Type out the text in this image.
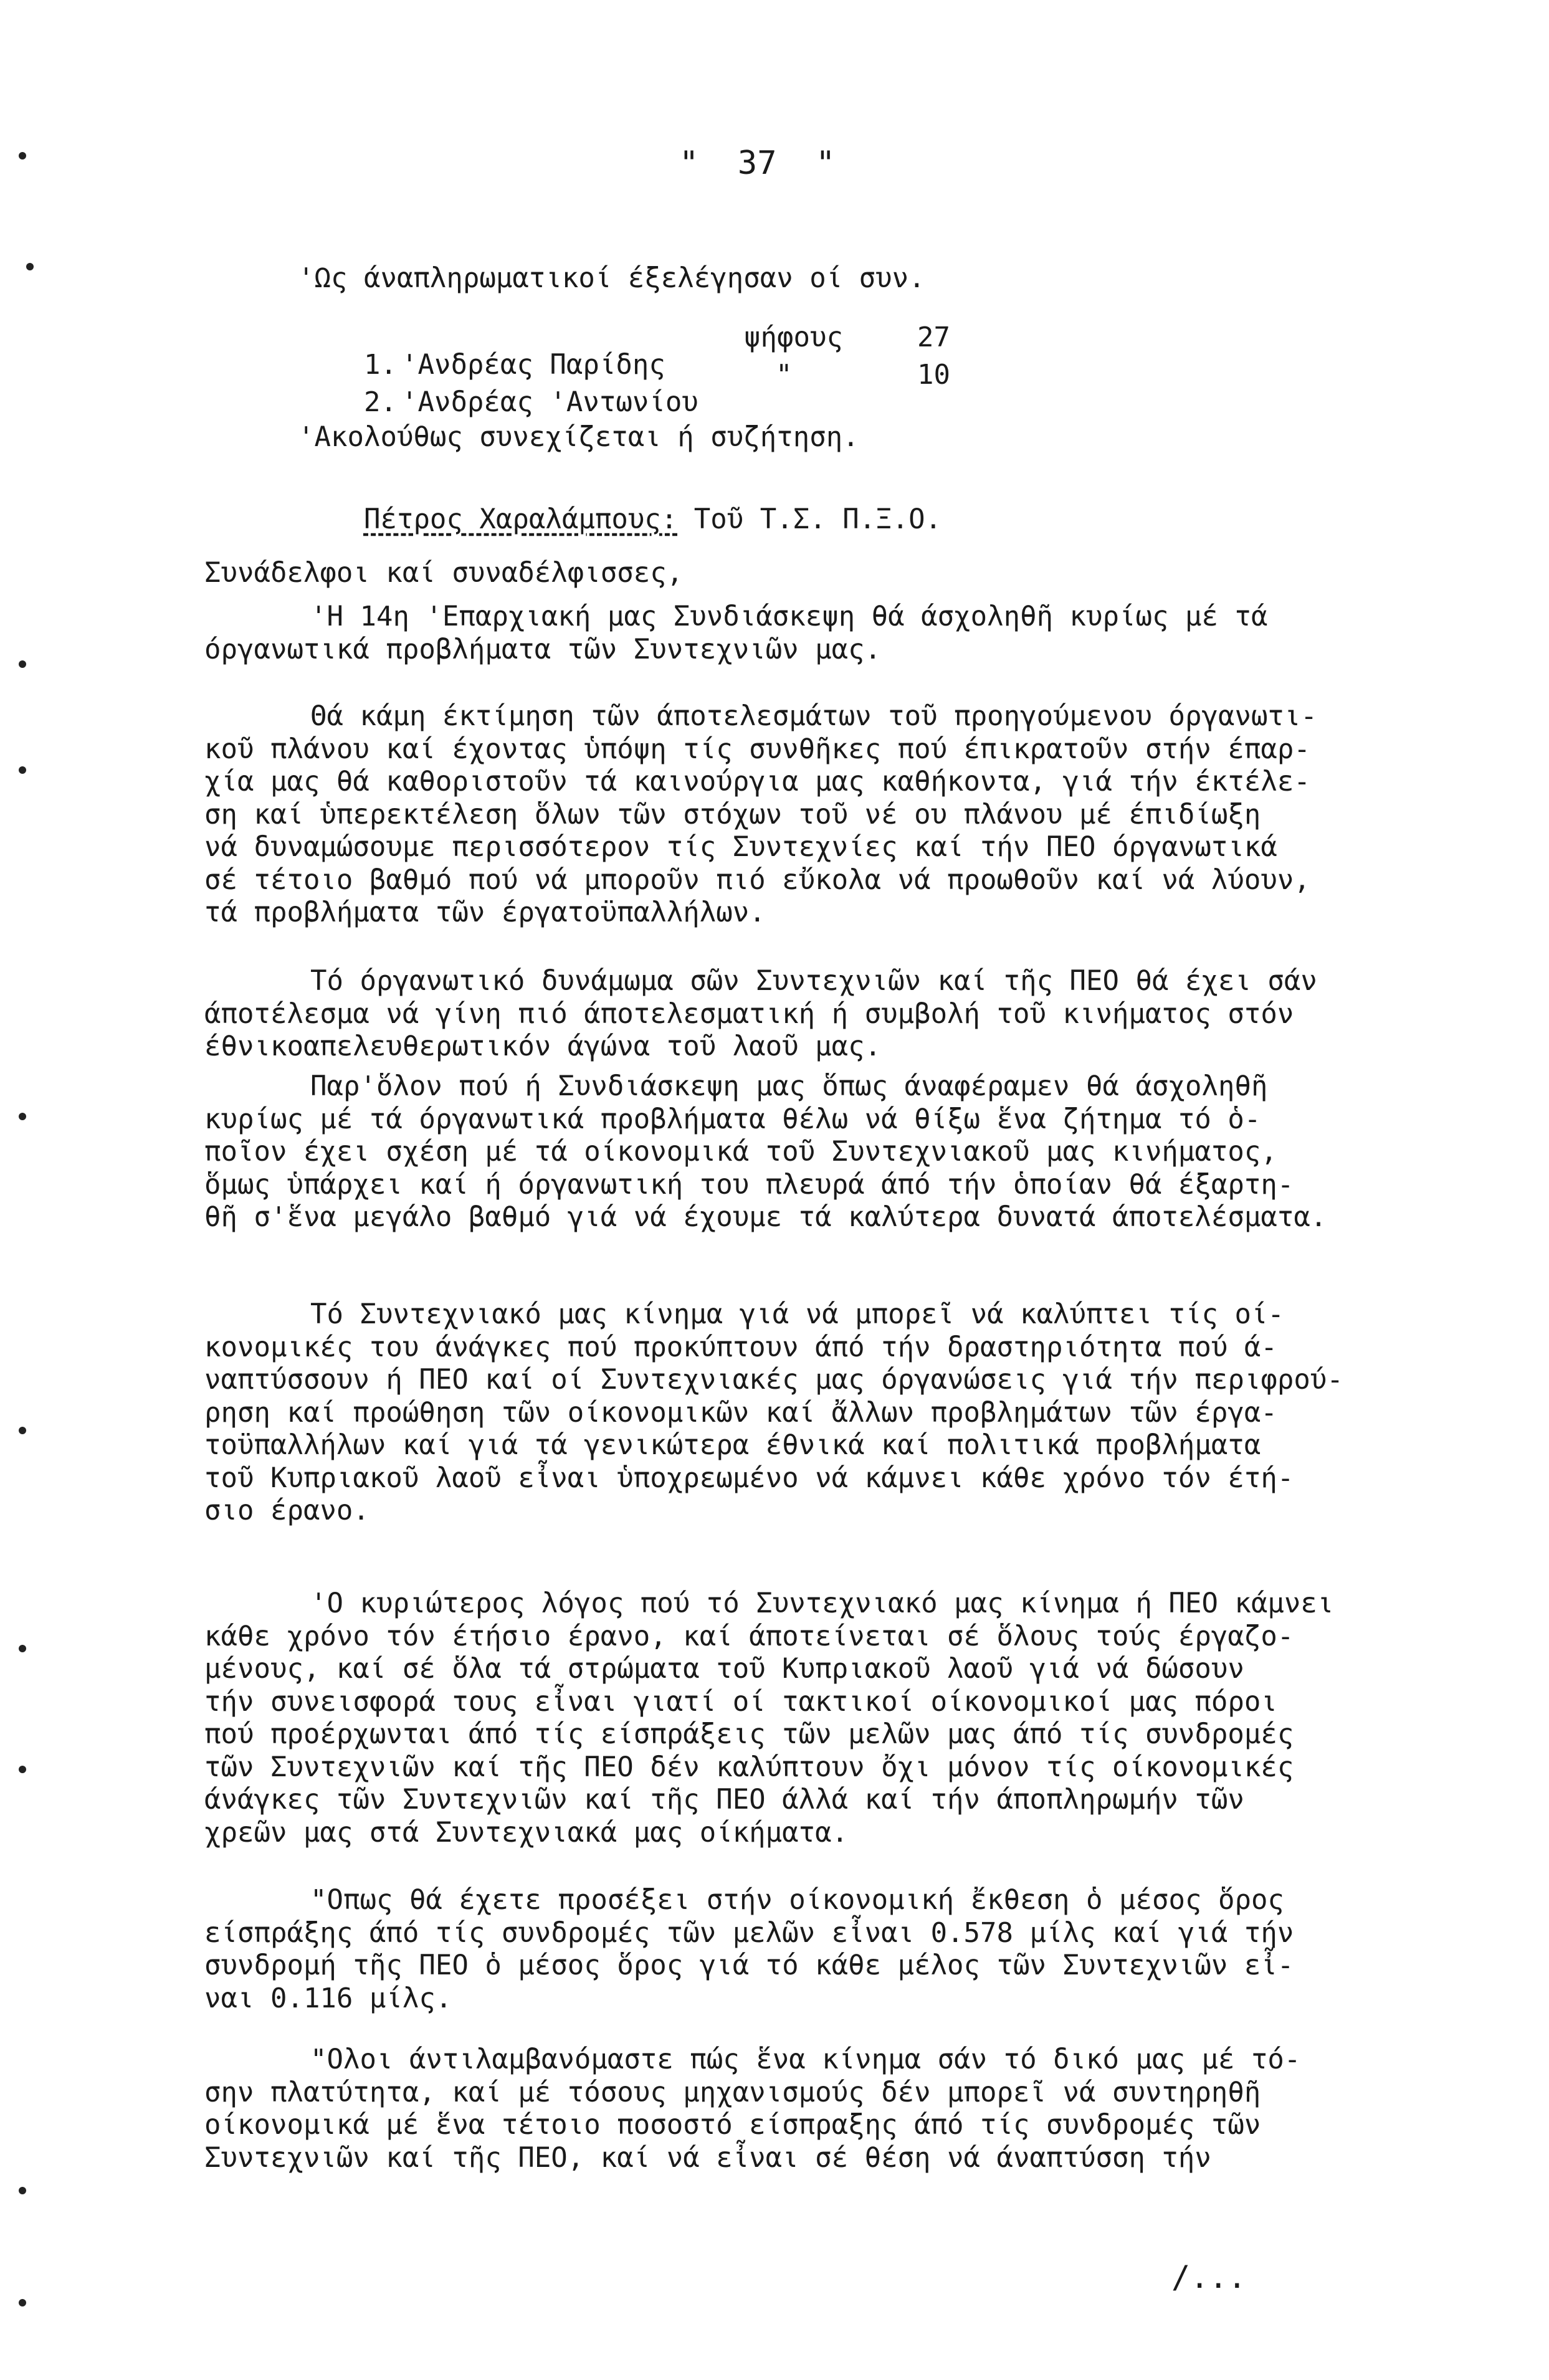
"  37  "
'Ως άναπληρωματικοί έξελέγησαν οί συν.

1. 'Ανδρέας Παρίδης

ψήφους	27

2. 'Ανδρέας 'Αντωνίου

"	10
'Ακολούθως συνεχίζεται ή συζήτηση.

Πέτρος Χαραλάμπους: Τοῦ Τ.Σ. Π.Ξ.Ο.

Συνάδελφοι καί συναδέλφισσες,
'Η 14η 'Επαρχιακή μας Συνδιάσκεψη θά άσχοληθῆ κυρίως μέ τά
όργανωτικά προβλήματα τῶν Συντεχνιῶν μας.
Θά κάμη έκτίμηση τῶν άποτελεσμάτων τοῦ προηγούμενου όργανωτι-
κοῦ πλάνου καί έχοντας ὑπόψη τίς συνθῆκες πού έπικρατοῦν στήν έπαρ-
χία μας θά καθοριστοῦν τά καινούργια μας καθήκοντα, γιά τήν έκτέλε-
ση καί ὑπερεκτέλεση ὅλων τῶν στόχων τοῦ νέ ου πλάνου μέ έπιδίωξη
νά δυναμώσουμε περισσότερον τίς Συντεχνίες καί τήν ΠΕΟ όργανωτικά
σέ τέτοιο βαθμό πού νά μποροῦν πιό εὔκολα νά προωθοῦν καί νά λύουν,
τά προβλήματα τῶν έργατοϋπαλλήλων.
Τό όργανωτικό δυνάμωμα σῶν Συντεχνιῶν καί τῆς ΠΕΟ θά έχει σάν
άποτέλεσμα νά γίνη πιό άποτελεσματική ή συμβολή τοῦ κινήματος στόν
έθνικοαπελευθερωτικόν άγώνα τοῦ λαοῦ μας.
Παρ'ὅλον πού ή Συνδιάσκεψη μας ὅπως άναφέραμεν θά άσχοληθῆ
κυρίως μέ τά όργανωτικά προβλήματα θέλω νά θίξω ἕνα ζήτημα τό ὁ-
ποῖον έχει σχέση μέ τά οίκονομικά τοῦ Συντεχνιακοῦ μας κινήματος,
ὅμως ὑπάρχει καί ή όργανωτική του πλευρά άπό τήν ὁποίαν θά έξαρτη-
θῆ σ'ἕνα μεγάλο βαθμό γιά νά έχουμε τά καλύτερα δυνατά άποτελέσματα.
Τό Συντεχνιακό μας κίνημα γιά νά μπορεῖ νά καλύπτει τίς οί-
κονομικές του άνάγκες πού προκύπτουν άπό τήν δραστηριότητα πού ά-
ναπτύσσουν ή ΠΕΟ καί οί Συντεχνιακές μας όργανώσεις γιά τήν περιφρού-
ρηση καί προώθηση τῶν οίκονομικῶν καί ἄλλων προβλημάτων τῶν έργα-
τοϋπαλλήλων καί γιά τά γενικώτερα έθνικά καί πολιτικά προβλήματα
τοῦ Κυπριακοῦ λαοῦ εἶναι ὑποχρεωμένο νά κάμνει κάθε χρόνο τόν έτή-
σιο έρανο.
'Ο κυριώτερος λόγος πού τό Συντεχνιακό μας κίνημα ή ΠΕΟ κάμνει
κάθε χρόνο τόν έτήσιο έρανο, καί άποτείνεται σέ ὅλους τούς έργαζο-
μένους, καί σέ ὅλα τά στρώματα τοῦ Κυπριακοῦ λαοῦ γιά νά δώσουν
τήν συνεισφορά τους εἶναι γιατί οί τακτικοί οίκονομικοί μας πόροι
πού προέρχωνται άπό τίς είσπράξεις τῶν μελῶν μας άπό τίς συνδρομές
τῶν Συντεχνιῶν καί τῆς ΠΕΟ δέν καλύπτουν ὄχι μόνον τίς οίκονομικές
άνάγκες τῶν Συντεχνιῶν καί τῆς ΠΕΟ άλλά καί τήν άποπληρωμήν τῶν
χρεῶν μας στά Συντεχνιακά μας οίκήματα.
"Οπως θά έχετε προσέξει στήν οίκονομική ἔκθεση ὁ μέσος ὅρος
είσπράξης άπό τίς συνδρομές τῶν μελῶν εἶναι 0.578 μίλς καί γιά τήν
συνδρομή τῆς ΠΕΟ ὁ μέσος ὅρος γιά τό κάθε μέλος τῶν Συντεχνιῶν εἶ-
ναι 0.116 μίλς.
"Ολοι άντιλαμβανόμαστε πώς ἕνα κίνημα σάν τό δικό μας μέ τό-
σην πλατύτητα, καί μέ τόσους μηχανισμούς δέν μπορεῖ νά συντηρηθῆ
οίκονομικά μέ ἕνα τέτοιο ποσοστό είσπραξης άπό τίς συνδρομές τῶν
Συντεχνιῶν καί τῆς ΠΕΟ, καί νά εἶναι σέ θέση νά άναπτύσση τήν
/...
